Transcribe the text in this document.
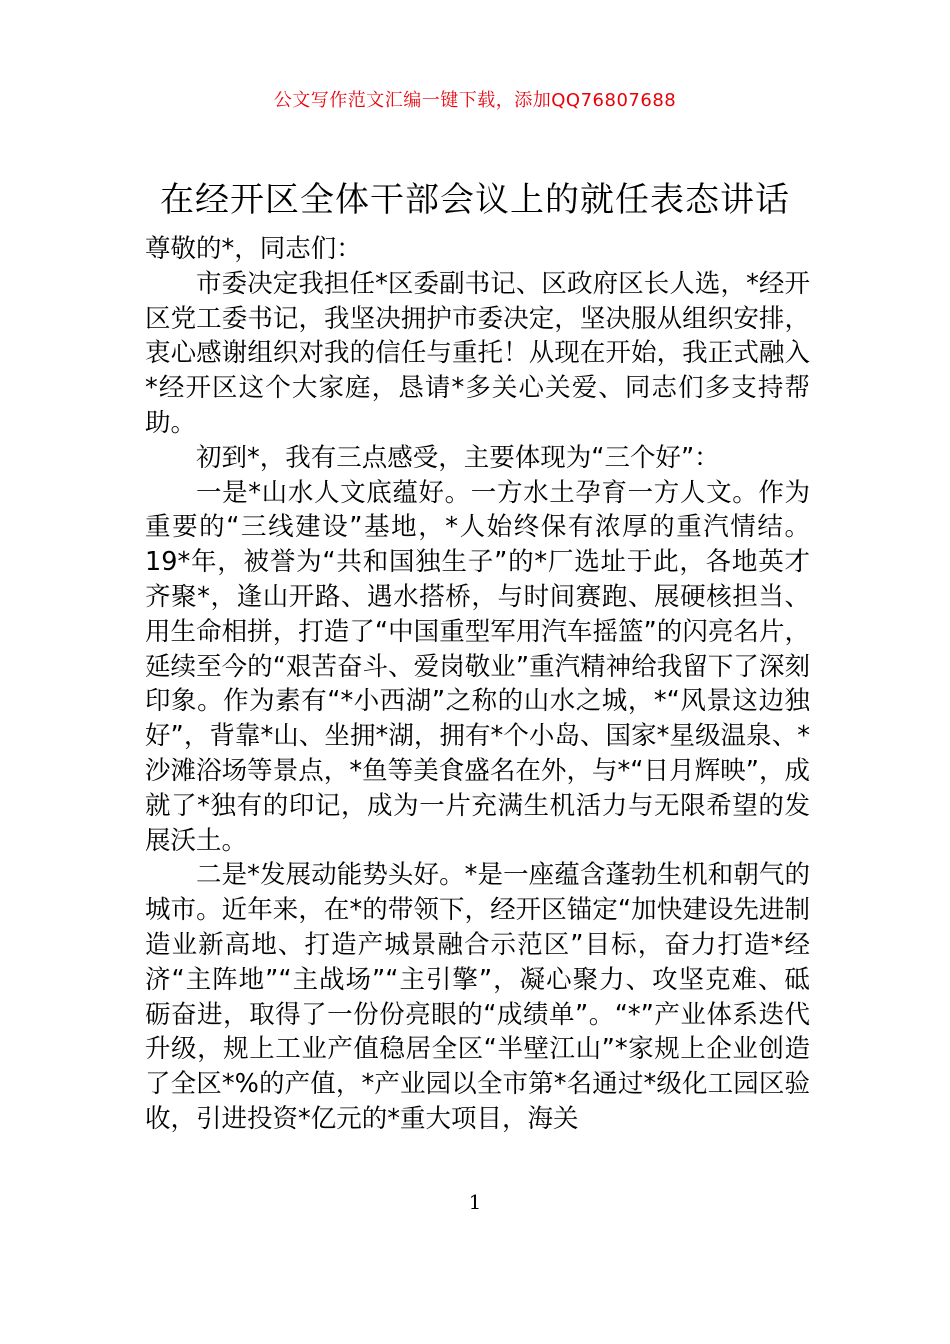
公文写作范文汇编一键下载，添加QQ76807688
在经开区全体干部会议上的就任表态讲话

尊敬的*，同志们：

市委决定我担任*区委副书记、区政府区长人选，*经开区党工委书记，我坚决拥护市委决定，坚决服从组织安排，衷心感谢组织对我的信任与重托！从现在开始，我正式融入*经开区这个大家庭，恳请*多关心关爱、同志们多支持帮助。

初到*，我有三点感受，主要体现为“三个好”：

一是*山水人文底蕴好。一方水土孕育一方人文。作为重要的“三线建设”基地，*人始终保有浓厚的重汽情结。19*年，被誉为“共和国独生子”的*厂选址于此，各地英才齐聚*，逢山开路、遇水搭桥，与时间赛跑、展硬核担当、用生命相拼，打造了“中国重型军用汽车摇篮”的闪亮名片，延续至今的“艰苦奋斗、爱岗敬业”重汽精神给我留下了深刻印象。作为素有“*小西湖”之称的山水之城，*“风景这边独好”，背靠*山、坐拥*湖，拥有*个小岛、国家*星级温泉、*沙滩浴场等景点，*鱼等美食盛名在外，与*“日月辉映”，成就了*独有的印记，成为一片充满生机活力与无限希望的发展沃土。

二是*发展动能势头好。*是一座蕴含蓬勃生机和朝气的城市。近年来，在*的带领下，经开区锚定“加快建设先进制造业新高地、打造产城景融合示范区”目标，奋力打造*经济“主阵地”“主战场”“主引擎”，凝心聚力、攻坚克难、砥砺奋进，取得了一份份亮眼的“成绩单”。“*”产业体系迭代升级，规上工业产值稳居全区“半壁江山”*家规上企业创造了全区*%的产值，*产业园以全市第*名通过*级化工园区验收，引进投资*亿元的*重大项目，海关

1
